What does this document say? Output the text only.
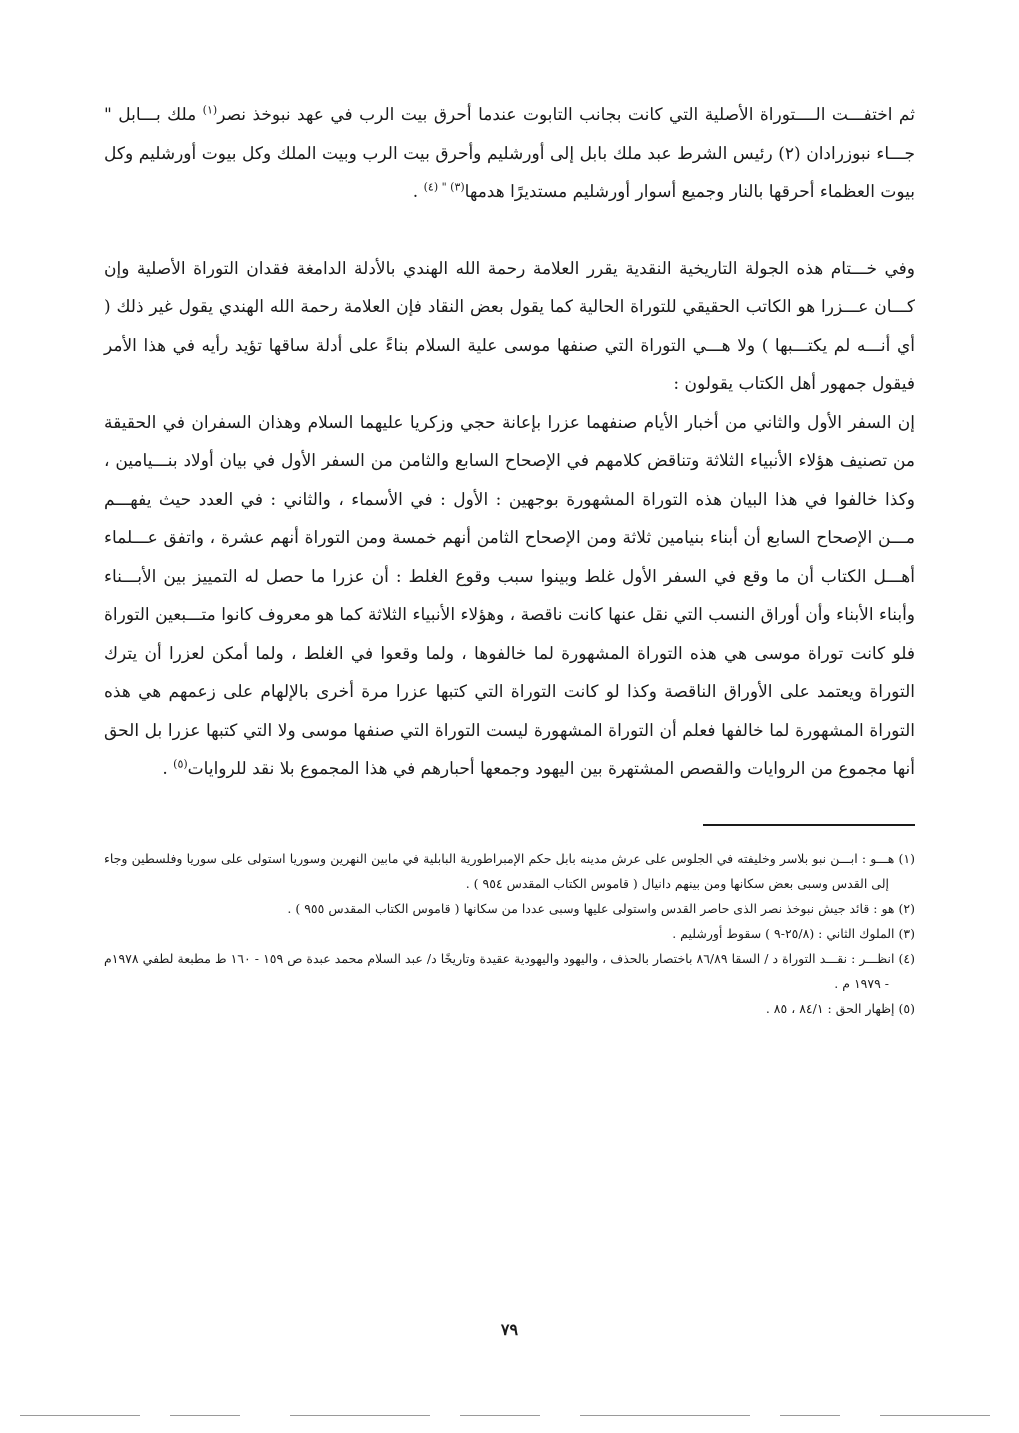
ثم اختفـــت الــــتوراة الأصلية التي كانت بجانب التابوت عندما أحرق بيت الرب في عهد نبوخذ نصر$^{(١)}$ ملك بـــابل " جـــاء نبوزرادان (٢) رئيس الشرط عبد ملك بابل إلى أورشليم وأحرق بيت الرب وبيت الملك وكل بيوت أورشليم وكل بيوت العظماء أحرقها بالنار وجميع أسوار أورشليم مستديرًا هدمها$^{(٣) " (٤)}$ .

وفي خـــتام هذه الجولة التاريخية النقدية يقرر العلامة رحمة الله الهندي بالأدلة الدامغة فقدان التوراة الأصلية وإن كـــان عـــزرا هو الكاتب الحقيقي للتوراة الحالية كما يقول بعض النقاد فإن العلامة رحمة الله الهندي يقول غير ذلك ( أي أنـــه لم يكتـــبها ) ولا هـــي التوراة التي صنفها موسى علية السلام بناءً على أدلة ساقها تؤيد رأيه في هذا الأمر فيقول جمهور أهل الكتاب يقولون :

إن السفر الأول والثاني من أخبار الأيام صنفهما عزرا بإعانة حجي وزكريا عليهما السلام وهذان السفران في الحقيقة من تصنيف هؤلاء الأنبياء الثلاثة وتناقض كلامهم في الإصحاح السابع والثامن من السفر الأول في بيان أولاد بنـــيامين ، وكذا خالفوا في هذا البيان هذه التوراة المشهورة بوجهين : الأول : في الأسماء ، والثاني : في العدد حيث يفهـــم مـــن الإصحاح السابع أن أبناء بنيامين ثلاثة ومن الإصحاح الثامن أنهم خمسة ومن التوراة أنهم عشرة ، واتفق عـــلماء أهـــل الكتاب أن ما وقع في السفر الأول غلط وبينوا سبب وقوع الغلط : أن عزرا ما حصل له التمييز بين الأبـــناء وأبناء الأبناء وأن أوراق النسب التي نقل عنها كانت ناقصة ، وهؤلاء الأنبياء الثلاثة كما هو معروف كانوا متـــبعين التوراة فلو كانت توراة موسى هي هذه التوراة المشهورة لما خالفوها ، ولما وقعوا في الغلط ، ولما أمكن لعزرا أن يترك التوراة ويعتمد على الأوراق الناقصة وكذا لو كانت التوراة التي كتبها عزرا مرة أخرى بالإلهام على زعمهم هي هذه التوراة المشهورة لما خالفها فعلم أن التوراة المشهورة ليست التوراة التي صنفها موسى ولا التي كتبها عزرا بل الحق أنها مجموع من الروايات والقصص المشتهرة بين اليهود وجمعها أحبارهم في هذا المجموع بلا نقد للروايات$^{(٥)}$ .

(١) هـــو : ابـــن نبو بلاسر وخليفته في الجلوس على عرش مدينه بابل حكم الإمبراطورية البابلية في مابين النهرين وسوريا استولى على سوريا وفلسطين وجاء إلى القدس وسبى بعض سكانها ومن بينهم دانيال ( قاموس الكتاب المقدس ٩٥٤ ) .

(٢) هو : قائد جيش نبوخذ نصر الذى حاصر القدس واستولى عليها وسبى عددا من سكانها ( قاموس الكتاب المقدس ٩٥٥ ) .

(٣) الملوك الثاني : (٢٥/٨-٩ ) سقوط أورشليم .

(٤) انظـــر : نقـــد التوراة د / السقا ٨٦/٨٩ باختصار بالحذف ، واليهود واليهودية عقيدة وتاريخًا د/ عبد السلام محمد عبدة ص ١٥٩ - ١٦٠ ط مطبعة لطفي ١٩٧٨م - ١٩٧٩ م .

(٥) إظهار الحق : ٨٤/١ ، ٨٥ .

٧٩
